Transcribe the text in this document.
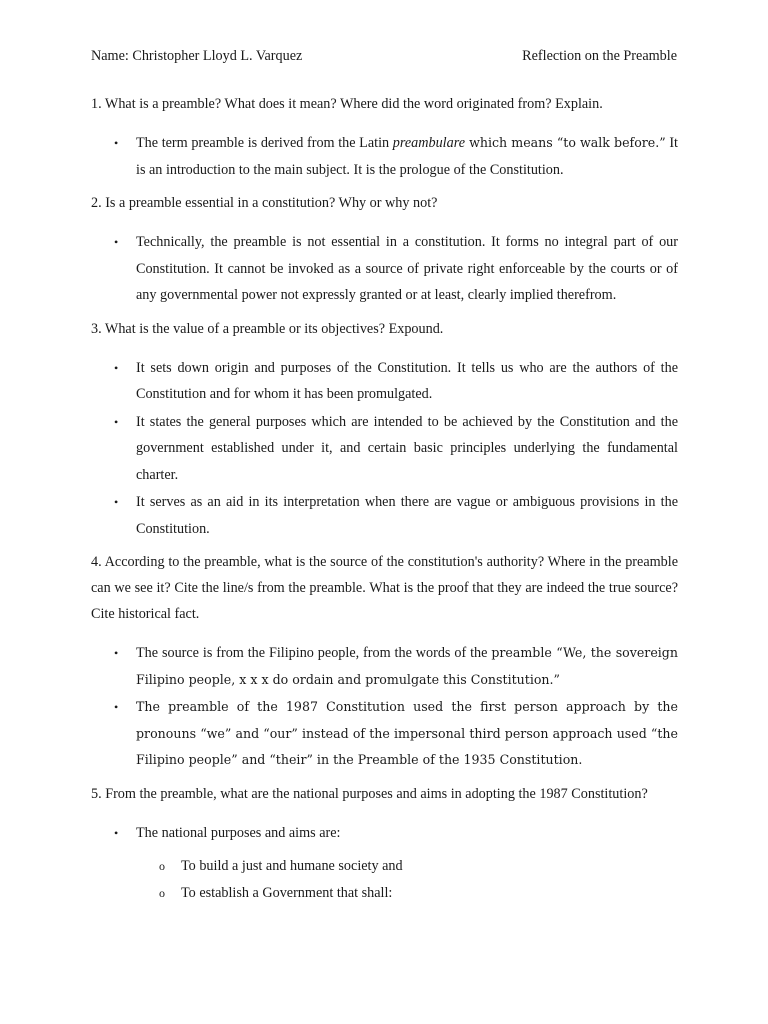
Name: Christopher Lloyd L. Varquez	Reflection on the Preamble

1. What is a preamble? What does it mean? Where did the word originated from? Explain.

• The term preamble is derived from the Latin preambulare which means “to walk before.” It is an introduction to the main subject. It is the prologue of the Constitution.

2. Is a preamble essential in a constitution? Why or why not?

• Technically, the preamble is not essential in a constitution. It forms no integral part of our Constitution. It cannot be invoked as a source of private right enforceable by the courts or of any governmental power not expressly granted or at least, clearly implied therefrom.

3. What is the value of a preamble or its objectives? Expound.

• It sets down origin and purposes of the Constitution. It tells us who are the authors of the Constitution and for whom it has been promulgated.
• It states the general purposes which are intended to be achieved by the Constitution and the government established under it, and certain basic principles underlying the fundamental charter.
• It serves as an aid in its interpretation when there are vague or ambiguous provisions in the Constitution.

4. According to the preamble, what is the source of the constitution's authority? Where in the preamble can we see it? Cite the line/s from the preamble. What is the proof that they are indeed the true source? Cite historical fact.

• The source is from the Filipino people, from the words of the preamble “We, the sovereign Filipino people, x x x do ordain and promulgate this Constitution.”
• The preamble of the 1987 Constitution used the first person approach by the pronouns “we” and “our” instead of the impersonal third person approach used “the Filipino people” and “their” in the Preamble of the 1935 Constitution.

5. From the preamble, what are the national purposes and aims in adopting the 1987 Constitution?

• The national purposes and aims are:
o To build a just and humane society and
o To establish a Government that shall:
